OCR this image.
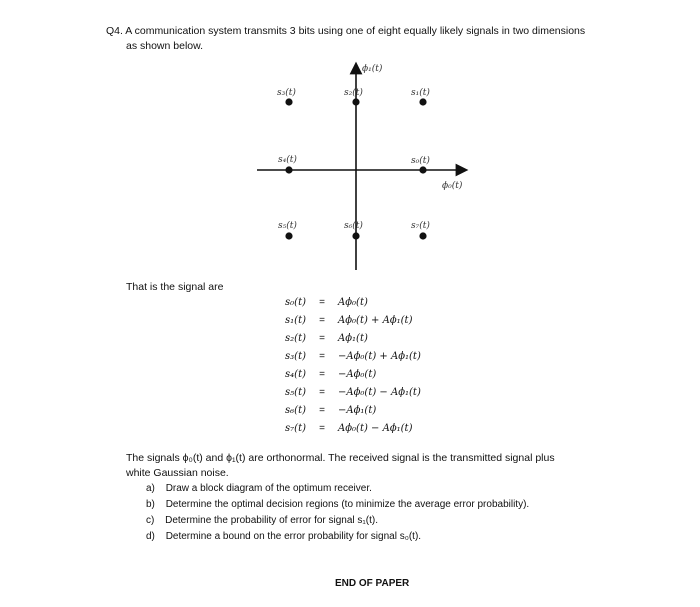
Q4. A communication system transmits 3 bits using one of eight equally likely signals in two dimensions
as shown below.
ϕ₁(t)
ϕ₀(t)
s₀(t)
s₁(t)
s₂(t)
s₃(t)
s₄(t)
s₅(t)	s₆(t)	s₇(t)
That is the signal are
s₀(t)	=	Aϕ₀(t)
s₁(t)	=	Aϕ₀(t) + Aϕ₁(t)
s₂(t)	=	Aϕ₁(t)
s₃(t)	=	−Aϕ₀(t) + Aϕ₁(t)
s₄(t)	=	−Aϕ₀(t)
s₅(t)	=	−Aϕ₀(t) − Aϕ₁(t)
s₆(t)	=	−Aϕ₁(t)
s₇(t)	=	Aϕ₀(t) − Aϕ₁(t)
The signals ϕ₀(t) and ϕ₁(t) are orthonormal. The received signal is the transmitted signal plus
white Gaussian noise.
a) Draw a block diagram of the optimum receiver.
b) Determine the optimal decision regions (to minimize the average error probability).
c) Determine the probability of error for signal s₁(t).
d) Determine a bound on the error probability for signal s₀(t).
END OF PAPER
